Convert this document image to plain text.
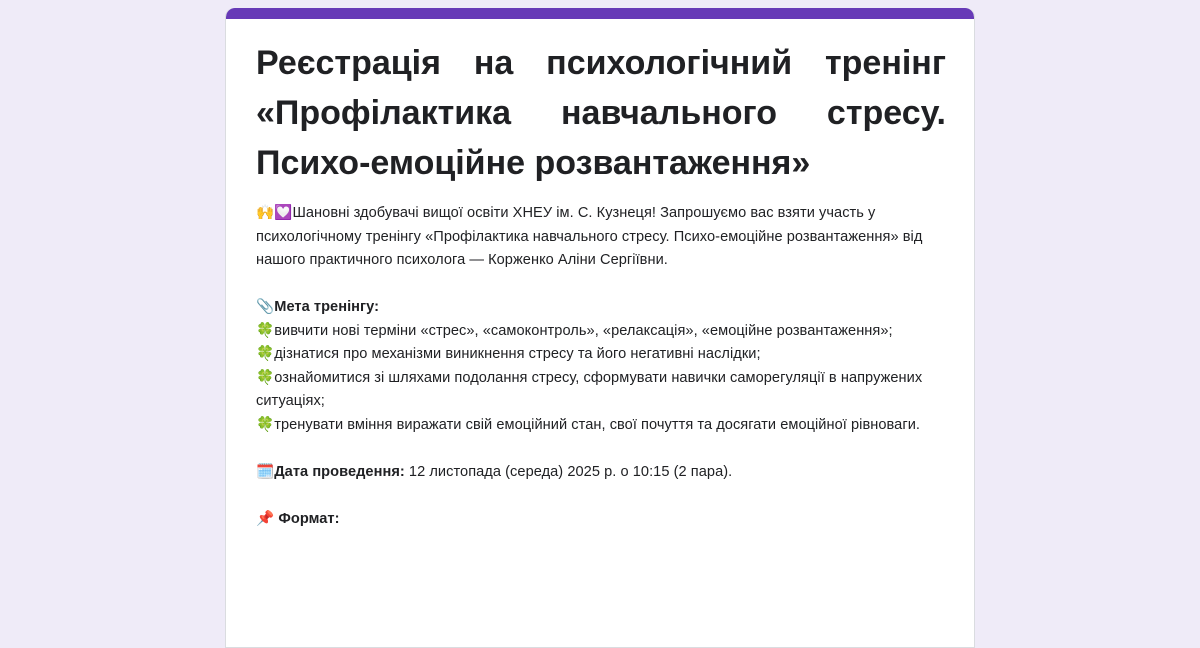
Реєстрація на психологічний тренінг «Профілактика навчального стресу. Психо-емоційне розвантаження»

🙌💟Шановні здобувачі вищої освіти ХНЕУ ім. С. Кузнеця! Запрошуємо вас взяти участь у психологічному тренінгу «Профілактика навчального стресу. Психо-емоційне розвантаження» від нашого практичного психолога — Корженко Аліни Сергіївни.

📎Мета тренінгу:

🍀вивчити нові терміни «стрес», «самоконтроль», «релаксація», «емоційне розвантаження»;

🍀дізнатися про механізми виникнення стресу та його негативні наслідки;

🍀ознайомитися зі шляхами подолання стресу, сформувати навички саморегуляції в напружених ситуаціях;

🍀тренувати вміння виражати свій емоційний стан, свої почуття та досягати емоційної рівноваги.

🗓️Дата проведення: 12 листопада (середа) 2025 р. о 10:15 (2 пара).

📌 Формат:
